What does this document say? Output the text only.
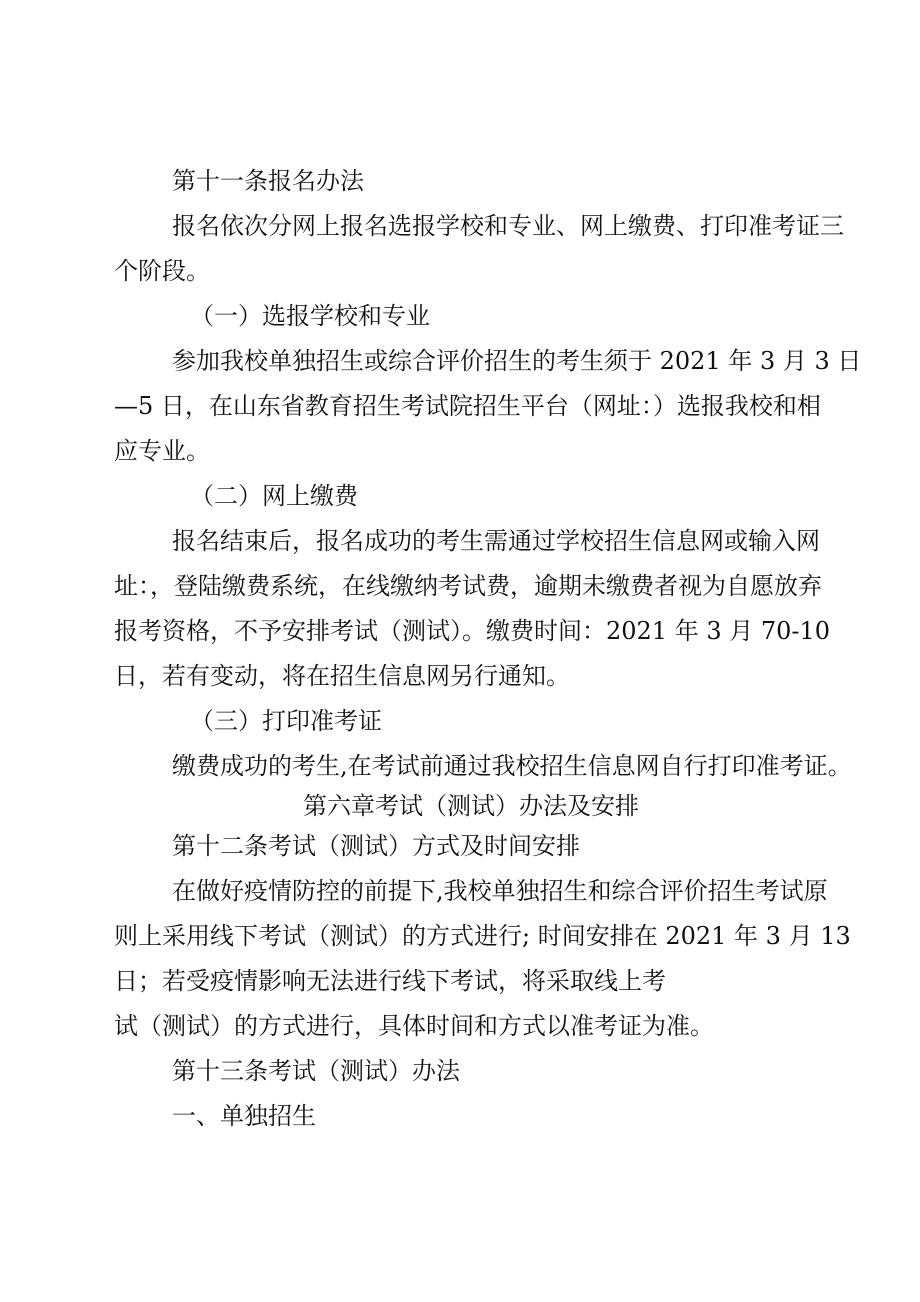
第十一条报名办法

报名依次分网上报名选报学校和专业、网上缴费、打印准考证三

个阶段。

（一）选报学校和专业

参加我校单独招生或综合评价招生的考生须于 2021 年 3 月 3 日

—5 日，在山东省教育招生考试院招生平台（网址：）选报我校和相

应专业。

（二）网上缴费

报名结束后，报名成功的考生需通过学校招生信息网或输入网

址：，登陆缴费系统，在线缴纳考试费，逾期未缴费者视为自愿放弃

报考资格，不予安排考试（测试）。缴费时间：2021 年 3 月 70-10

日，若有变动，将在招生信息网另行通知。

（三）打印准考证

缴费成功的考生,在考试前通过我校招生信息网自行打印准考证。

第六章考试（测试）办法及安排

第十二条考试（测试）方式及时间安排

在做好疫情防控的前提下,我校单独招生和综合评价招生考试原

则上采用线下考试（测试）的方式进行; 时间安排在 2021 年 3 月 13

日；若受疫情影响无法进行线下考试，将采取线上考

试（测试）的方式进行，具体时间和方式以准考证为准。

第十三条考试（测试）办法

一、单独招生
